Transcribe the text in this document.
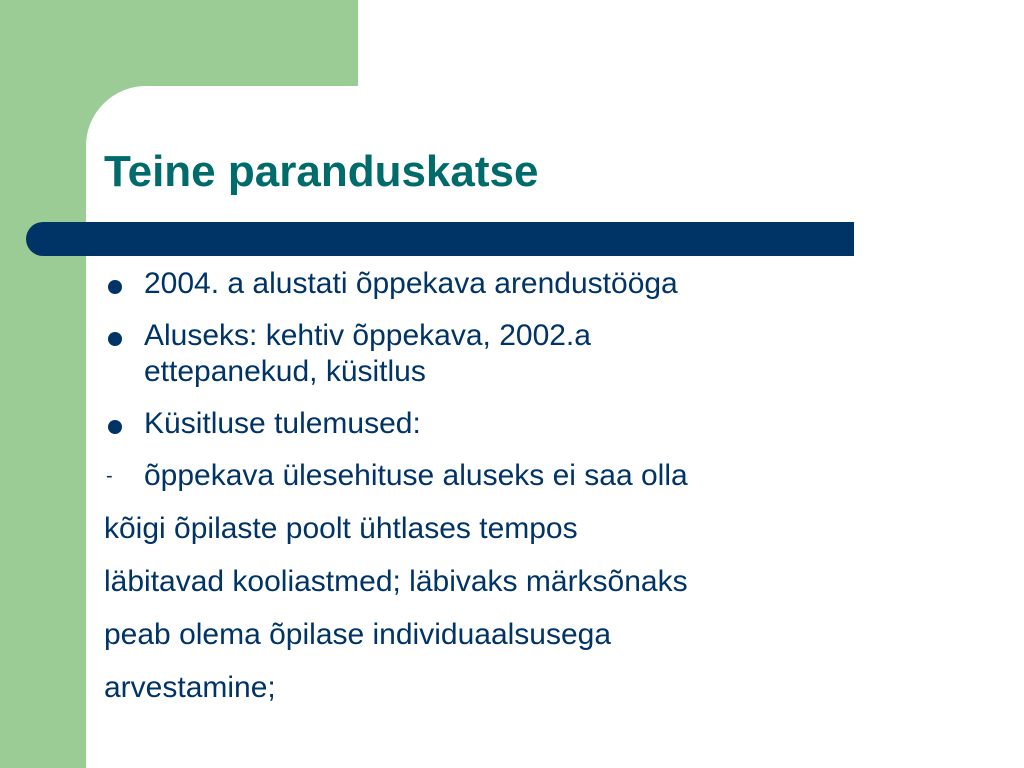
Teine paranduskatse
2004. a alustati õppekava arendustööga
Aluseks: kehtiv õppekava, 2002.a
ettepanekud, küsitlus
Küsitluse tulemused:
- õppekava ülesehituse aluseks ei saa olla
kõigi õpilaste poolt ühtlases tempos
läbitavad kooliastmed; läbivaks märksõnaks
peab olema õpilase individuaalsusega
arvestamine;
